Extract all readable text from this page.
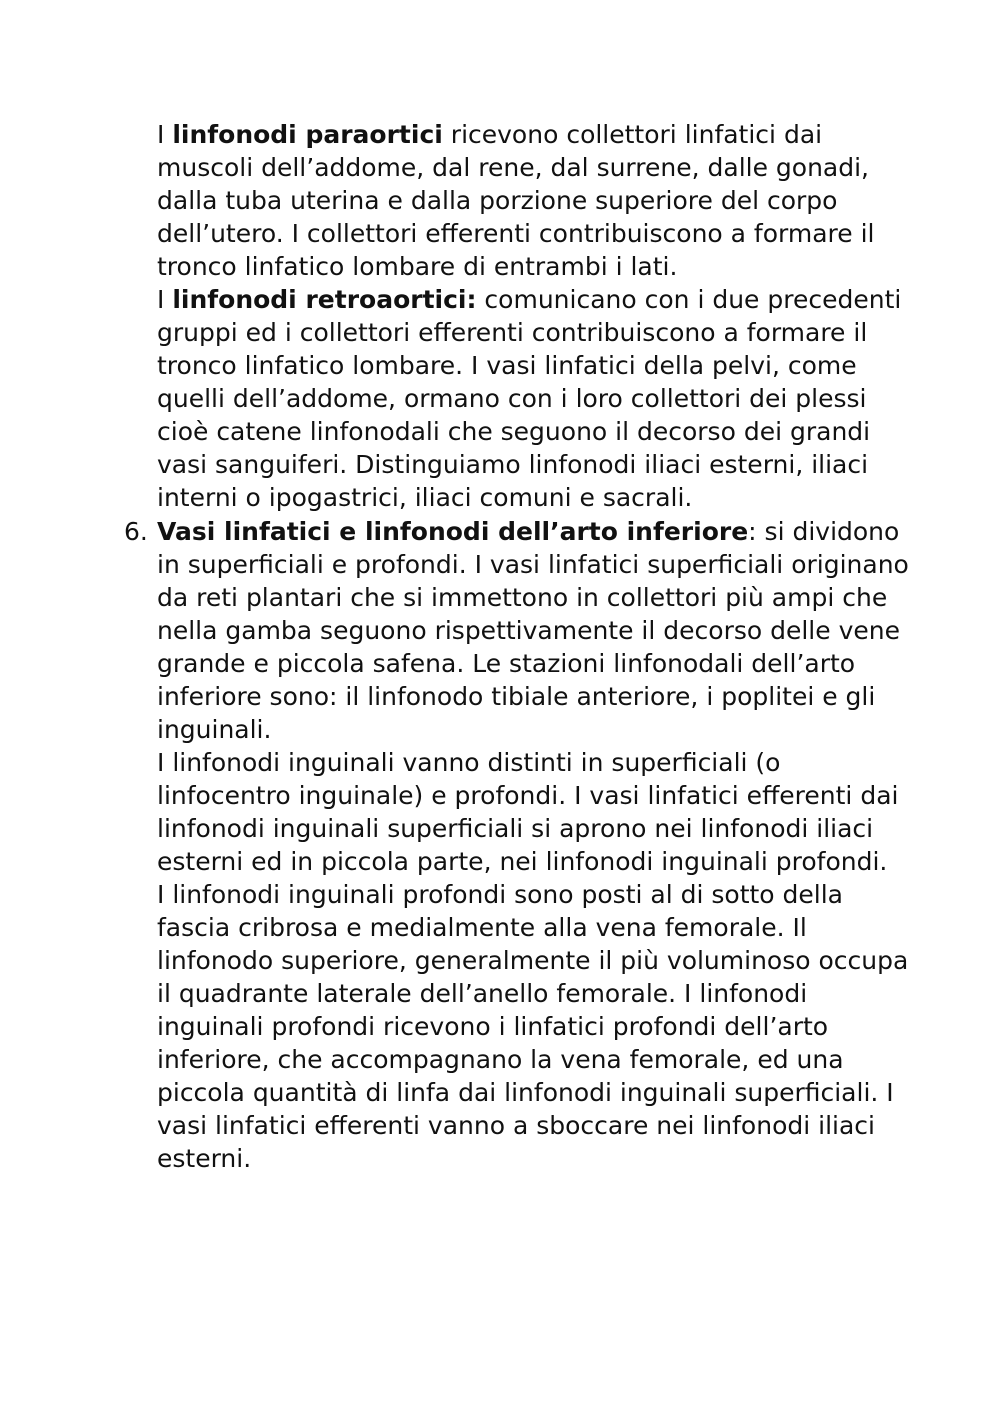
I linfonodi paraortici ricevono collettori linfatici dai muscoli dell’addome, dal rene, dal surrene, dalle gonadi, dalla tuba uterina e dalla porzione superiore del corpo dell’utero. I collettori efferenti contribuiscono a formare il tronco linfatico lombare di entrambi i lati.

I linfonodi retroaortici: comunicano con i due precedenti gruppi ed i collettori efferenti contribuiscono a formare il tronco linfatico lombare. I vasi linfatici della pelvi, come quelli dell’addome, ormano con i loro collettori dei plessi cioè catene linfonodali che seguono il decorso dei grandi vasi sanguiferi. Distinguiamo linfonodi iliaci esterni, iliaci interni o ipogastrici, iliaci comuni e sacrali.

6. Vasi linfatici e linfonodi dell’arto inferiore: si dividono in superficiali e profondi. I vasi linfatici superficiali originano da reti plantari che si immettono in collettori più ampi che nella gamba seguono rispettivamente il decorso delle vene grande e piccola safena. Le stazioni linfonodali dell’arto inferiore sono: il linfonodo tibiale anteriore, i poplitei e gli inguinali.

I linfonodi inguinali vanno distinti in superficiali (o linfocentro inguinale) e profondi. I vasi linfatici efferenti dai linfonodi inguinali superficiali si aprono nei linfonodi iliaci esterni ed in piccola parte, nei linfonodi inguinali profondi.

I linfonodi inguinali profondi sono posti al di sotto della fascia cribrosa e medialmente alla vena femorale. Il linfonodo superiore, generalmente il più voluminoso occupa il quadrante laterale dell’anello femorale. I linfonodi inguinali profondi ricevono i linfatici profondi dell’arto inferiore, che accompagnano la vena femorale, ed una piccola quantità di linfa dai linfonodi inguinali superficiali. I vasi linfatici efferenti vanno a sboccare nei linfonodi iliaci esterni.
